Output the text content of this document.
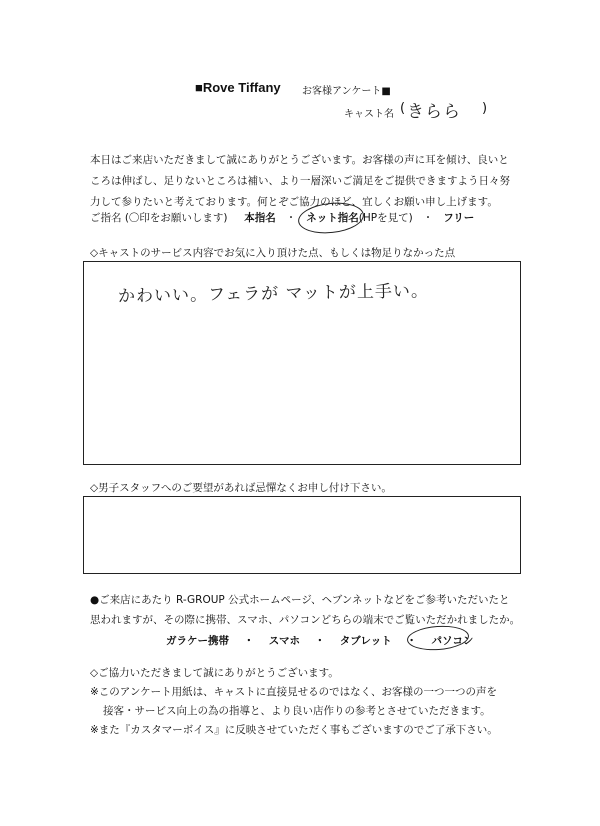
■Rove Tiffany お客様アンケート■
キャスト名 ( きらら )
本日はご来店いただきまして誠にありがとうございます。お客様の声に耳を傾け、良いと
ころは伸ばし、足りないところは補い、より一層深いご満足をご提供できますよう日々努
力して参りたいと考えております。何とぞご協力のほど、宜しくお願い申し上げます。
ご指名 (〇印をお願いします) 本指名 ・ ネット指名(HPを見て) ・ フリー
◇キャストのサービス内容でお気に入り頂けた点、もしくは物足りなかった点
かわいい。フェラが マットが上手い。
◇男子スタッフへのご要望があれば忌憚なくお申し付け下さい。
●ご来店にあたり R-GROUP 公式ホームページ、ヘブンネットなどをご参考いただいたと
思われますが、その際に携帯、スマホ、パソコンどちらの端末でご覧いただかれましたか。
ガラケー携帯 ・ スマホ ・ タブレット ・ パソコン
◇ご協力いただきまして誠にありがとうございます。
※このアンケート用紙は、キャストに直接見せるのではなく、お客様の一つ一つの声を
接客・サービス向上の為の指導と、より良い店作りの参考とさせていただきます。
※また『カスタマーボイス』に反映させていただく事もございますのでご了承下さい。
